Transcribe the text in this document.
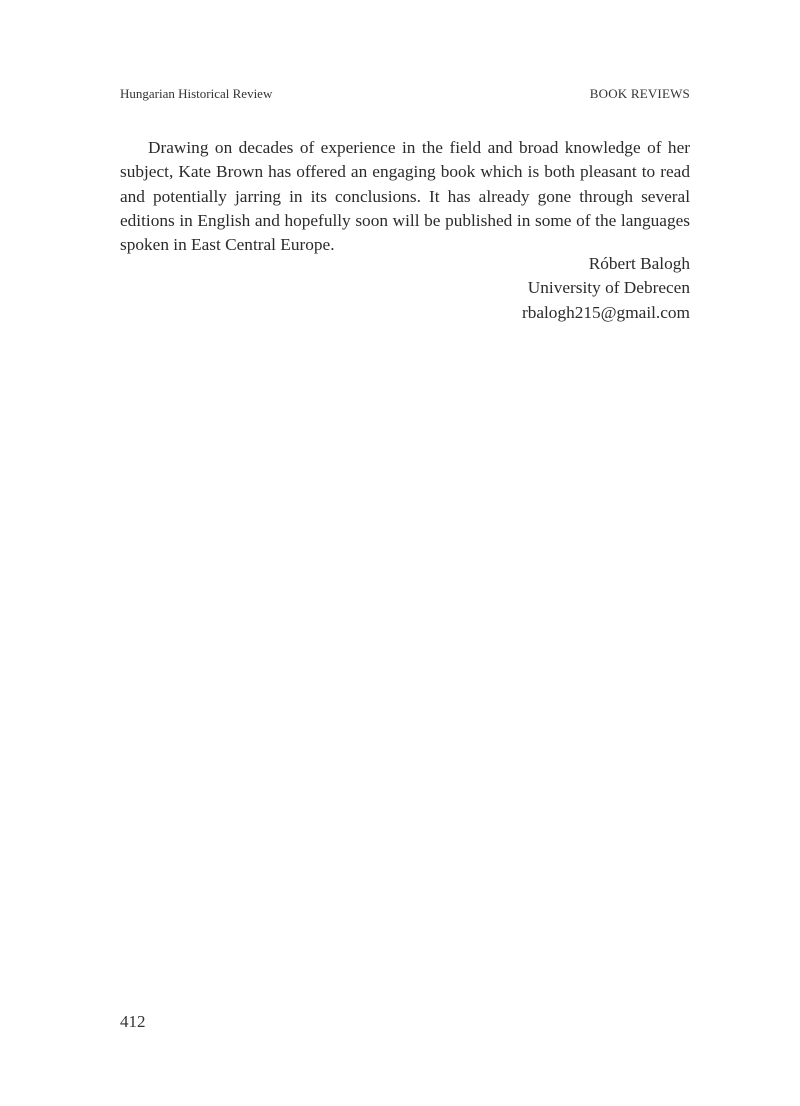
Hungarian Historical Review	BOOK REVIEWS

Drawing on decades of experience in the field and broad knowledge of her subject, Kate Brown has offered an engaging book which is both pleasant to read and potentially jarring in its conclusions. It has already gone through several editions in English and hopefully soon will be published in some of the languages spoken in East Central Europe.

Róbert Balogh
University of Debrecen
rbalogh215@gmail.com
412
